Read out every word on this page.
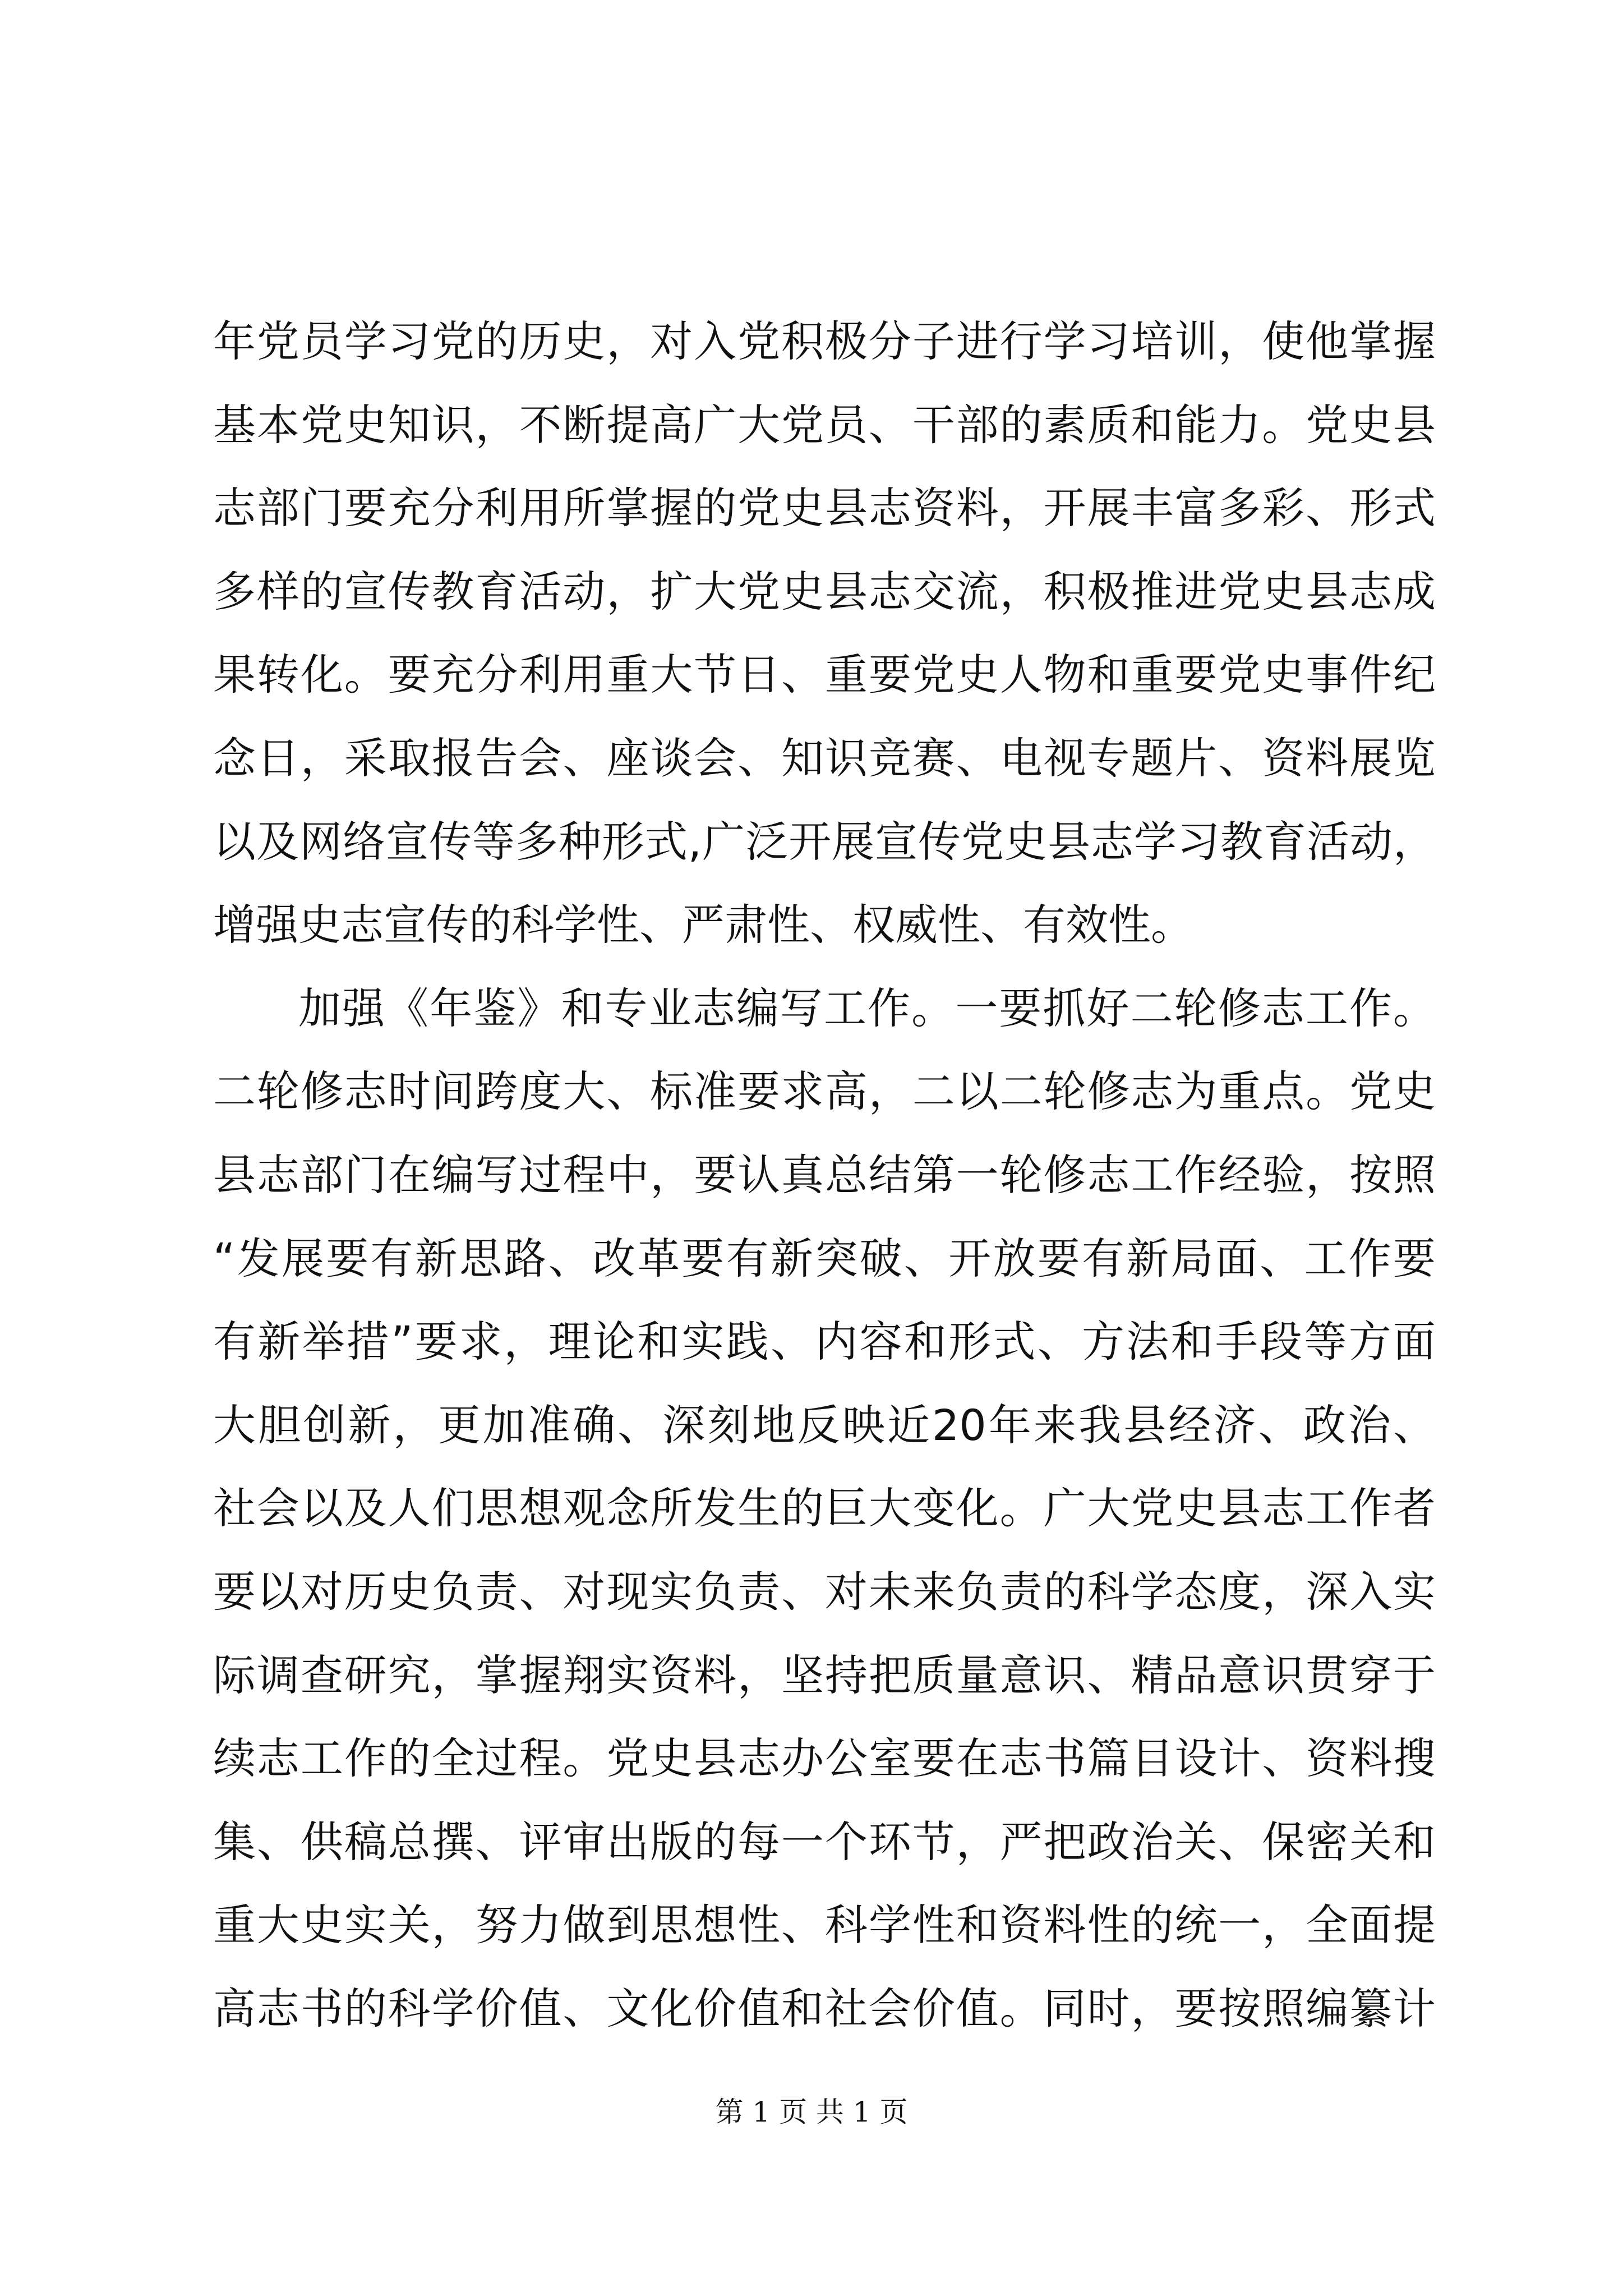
年党员学习党的历史，对入党积极分子进行学习培训，使他掌握
基本党史知识，不断提高广大党员、干部的素质和能力。党史县
志部门要充分利用所掌握的党史县志资料，开展丰富多彩、形式
多样的宣传教育活动，扩大党史县志交流，积极推进党史县志成
果转化。要充分利用重大节日、重要党史人物和重要党史事件纪
念日，采取报告会、座谈会、知识竞赛、电视专题片、资料展览
以及网络宣传等多种形式,广泛开展宣传党史县志学习教育活动，
增强史志宣传的科学性、严肃性、权威性、有效性。
加强《年鉴》和专业志编写工作。一要抓好二轮修志工作。
二轮修志时间跨度大、标准要求高，二以二轮修志为重点。党史
县志部门在编写过程中，要认真总结第一轮修志工作经验，按照
“发展要有新思路、改革要有新突破、开放要有新局面、工作要
有新举措”要求，理论和实践、内容和形式、方法和手段等方面
大胆创新，更加准确、深刻地反映近20年来我县经济、政治、
社会以及人们思想观念所发生的巨大变化。广大党史县志工作者
要以对历史负责、对现实负责、对未来负责的科学态度，深入实
际调查研究，掌握翔实资料，坚持把质量意识、精品意识贯穿于
续志工作的全过程。党史县志办公室要在志书篇目设计、资料搜
集、供稿总撰、评审出版的每一个环节，严把政治关、保密关和
重大史实关，努力做到思想性、科学性和资料性的统一，全面提
高志书的科学价值、文化价值和社会价值。同时，要按照编纂计
第 1 页 共 1 页
